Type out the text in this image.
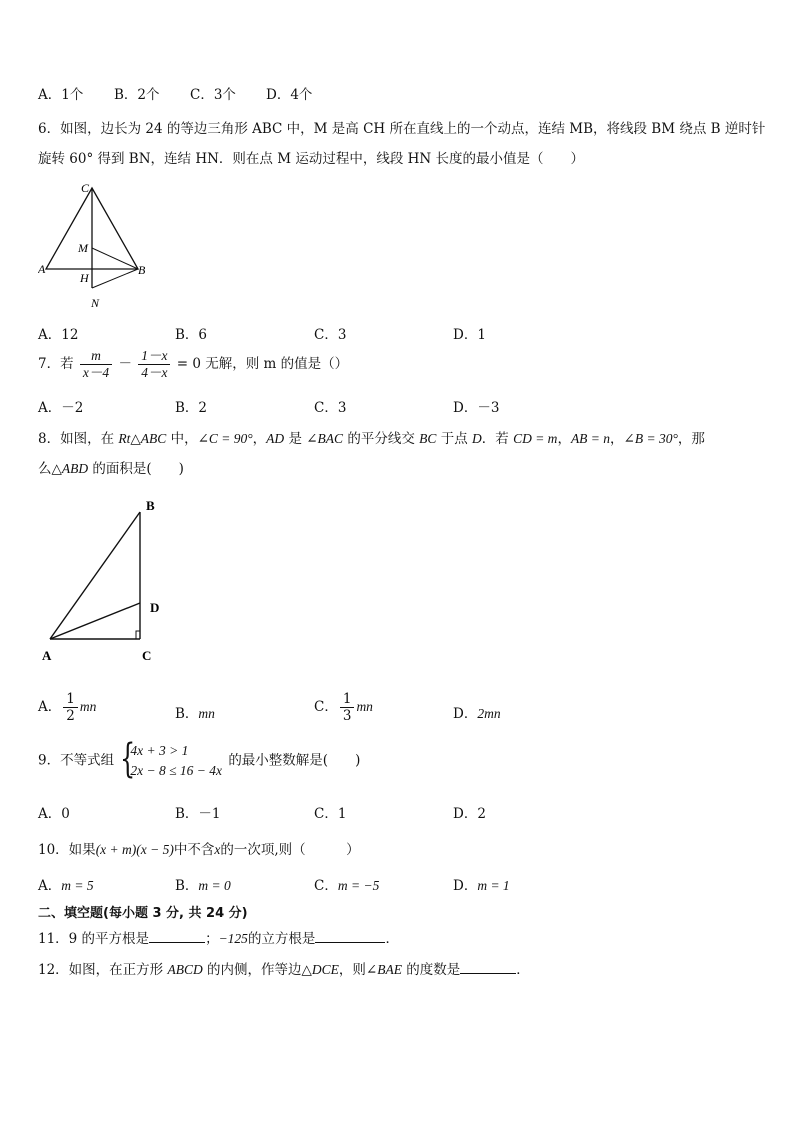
A．1个 B．2个 C．3个 D．4个
6．如图，边长为 24 的等边三角形 ABC 中，M 是高 CH 所在直线上的一个动点，连结 MB，将线段 BM 绕点 B 逆时针
旋转 60° 得到 BN，连结 HN．则在点 M 运动过程中，线段 HN 长度的最小值是（　　）
C
M
A
H
B
N
A．12	B．6	C．3	D．1
7．若 $\frac{m}{x-4} - \frac{1-x}{4-x} = 0$ 无解，则 m 的值是（）
A．－2	B．2	C．3	D．－3
8．如图，在 Rt△ABC 中，∠C = 90°，AD 是 ∠BAC 的平分线交 BC 于点 D．若 CD = m，AB = n，∠B = 30°，那
么△ABD 的面积是(　　)
B
D
A	C
A． $\frac{1}{2}$ mn	B．mn	C． $\frac{1}{3}$ mn	D．2mn
9．不等式组 {
4x + 3 > 1
2x − 8 ≤ 16 − 4x
的最小整数解是(　　)
A．0	B．－1	C．1	D．2
10．如果(x + m)(x − 5)中不含x的一次项,则（　　　）
A．m = 5	B．m = 0	C．m = −5	D．m = 1
二、填空题(每小题 3 分, 共 24 分)
11．9 的平方根是	；−125的立方根是	．
12．如图，在正方形 ABCD 的内侧，作等边△DCE，则∠BAE 的度数是	．
